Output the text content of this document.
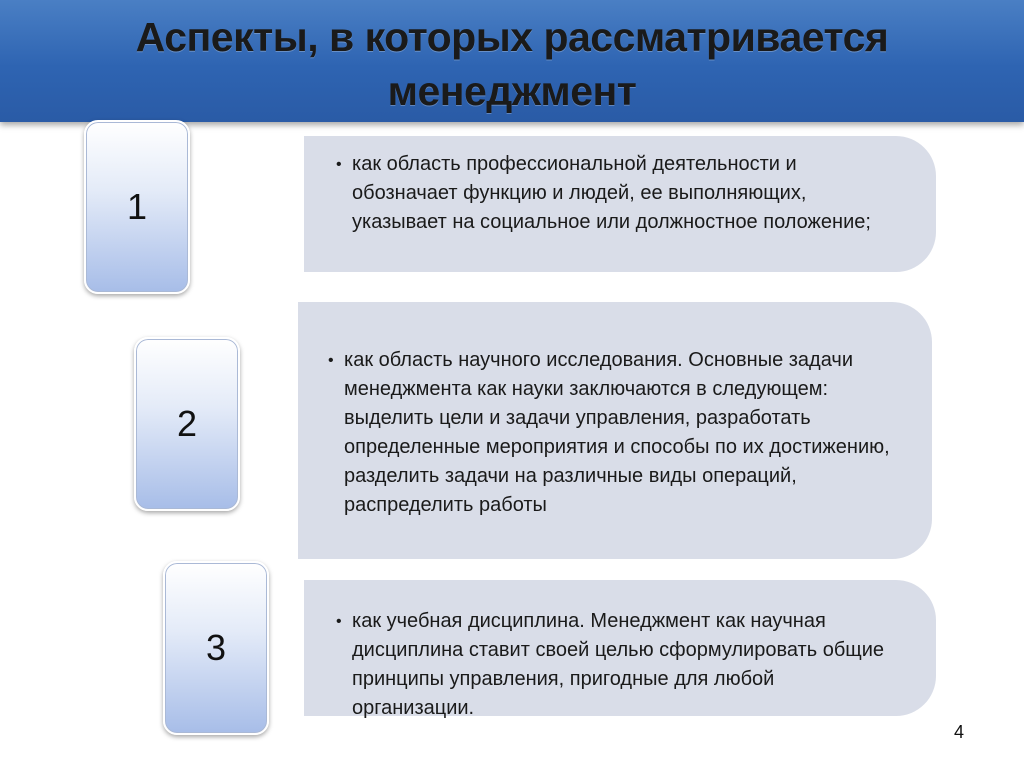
Аспекты, в которых рассматривается
менеджмент
1
• как область профессиональной деятельности и обозначает функцию и людей, ее выполняющих, указывает на социальное или должностное положение;
2
• как область научного исследования. Основные задачи менеджмента как науки заключаются в следующем: выделить цели и задачи управления, разработать определенные мероприятия и способы по их достижению, разделить задачи на различные виды операций, распределить работы
3
• как учебная дисциплина. Менеджмент как научная дисциплина ставит своей целью сформулировать общие принципы управления, пригодные для любой организации.
4
